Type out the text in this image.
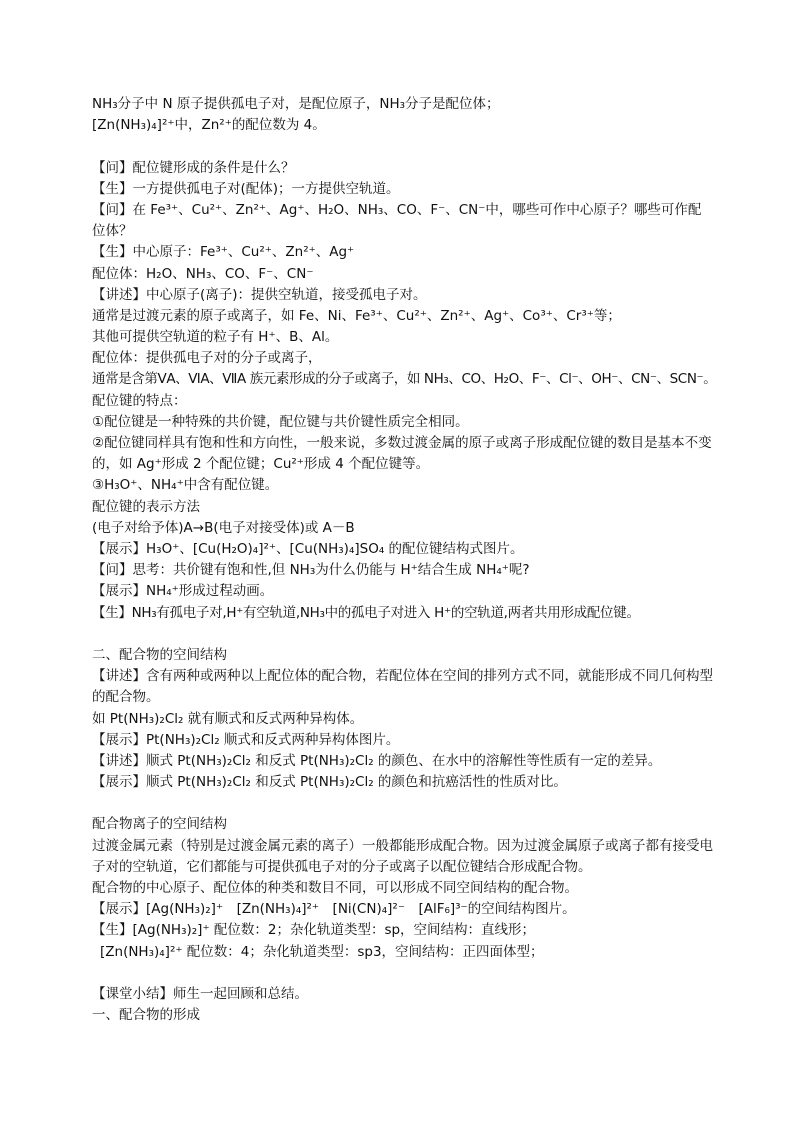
NH₃分子中 N 原子提供孤电子对，是配位原子，NH₃分子是配位体；
[Zn(NH₃)₄]²⁺中，Zn²⁺的配位数为 4。
【问】配位键形成的条件是什么？
【生】一方提供孤电子对(配体)；一方提供空轨道。
【问】在 Fe³⁺、Cu²⁺、Zn²⁺、Ag⁺、H₂O、NH₃、CO、F⁻、CN⁻中，哪些可作中心原子？哪些可作配位体？
【生】中心原子：Fe³⁺、Cu²⁺、Zn²⁺、Ag⁺
配位体：H₂O、NH₃、CO、F⁻、CN⁻
【讲述】中心原子(离子)：提供空轨道，接受孤电子对。
通常是过渡元素的原子或离子，如 Fe、Ni、Fe³⁺、Cu²⁺、Zn²⁺、Ag⁺、Co³⁺、Cr³⁺等；
其他可提供空轨道的粒子有 H⁺、B、Al。
配位体：提供孤电子对的分子或离子，
通常是含第ⅤA、ⅥA、ⅦA 族元素形成的分子或离子，如 NH₃、CO、H₂O、F⁻、Cl⁻、OH⁻、CN⁻、SCN⁻。
配位键的特点：
①配位键是一种特殊的共价键，配位键与共价键性质完全相同。
②配位键同样具有饱和性和方向性，一般来说，多数过渡金属的原子或离子形成配位键的数目是基本不变的，如 Ag⁺形成 2 个配位键；Cu²⁺形成 4 个配位键等。
③H₃O⁺、NH₄⁺中含有配位键。
配位键的表示方法
(电子对给予体)A→B(电子对接受体)或 A－B
【展示】H₃O⁺、[Cu(H₂O)₄]²⁺、[Cu(NH₃)₄]SO₄ 的配位键结构式图片。
【问】思考：共价键有饱和性,但 NH₃为什么仍能与 H⁺结合生成 NH₄⁺呢?
【展示】NH₄⁺形成过程动画。
【生】NH₃有孤电子对,H⁺有空轨道,NH₃中的孤电子对进入 H⁺的空轨道,两者共用形成配位键。
二、配合物的空间结构
【讲述】含有两种或两种以上配位体的配合物，若配位体在空间的排列方式不同，就能形成不同几何构型的配合物。
如 Pt(NH₃)₂Cl₂ 就有顺式和反式两种异构体。
【展示】Pt(NH₃)₂Cl₂ 顺式和反式两种异构体图片。
【讲述】顺式 Pt(NH₃)₂Cl₂ 和反式 Pt(NH₃)₂Cl₂ 的颜色、在水中的溶解性等性质有一定的差异。
【展示】顺式 Pt(NH₃)₂Cl₂ 和反式 Pt(NH₃)₂Cl₂ 的颜色和抗癌活性的性质对比。
配合物离子的空间结构
过渡金属元素（特别是过渡金属元素的离子）一般都能形成配合物。因为过渡金属原子或离子都有接受电子对的空轨道，它们都能与可提供孤电子对的分子或离子以配位键结合形成配合物。
配合物的中心原子、配位体的种类和数目不同，可以形成不同空间结构的配合物。
【展示】[Ag(NH₃)₂]⁺　[Zn(NH₃)₄]²⁺　[Ni(CN)₄]²⁻　[AlF₆]³⁻的空间结构图片。
【生】[Ag(NH₃)₂]⁺ 配位数：2；杂化轨道类型：sp，空间结构：直线形；
[Zn(NH₃)₄]²⁺ 配位数：4；杂化轨道类型：sp3，空间结构：正四面体型；
【课堂小结】师生一起回顾和总结。
一、配合物的形成
